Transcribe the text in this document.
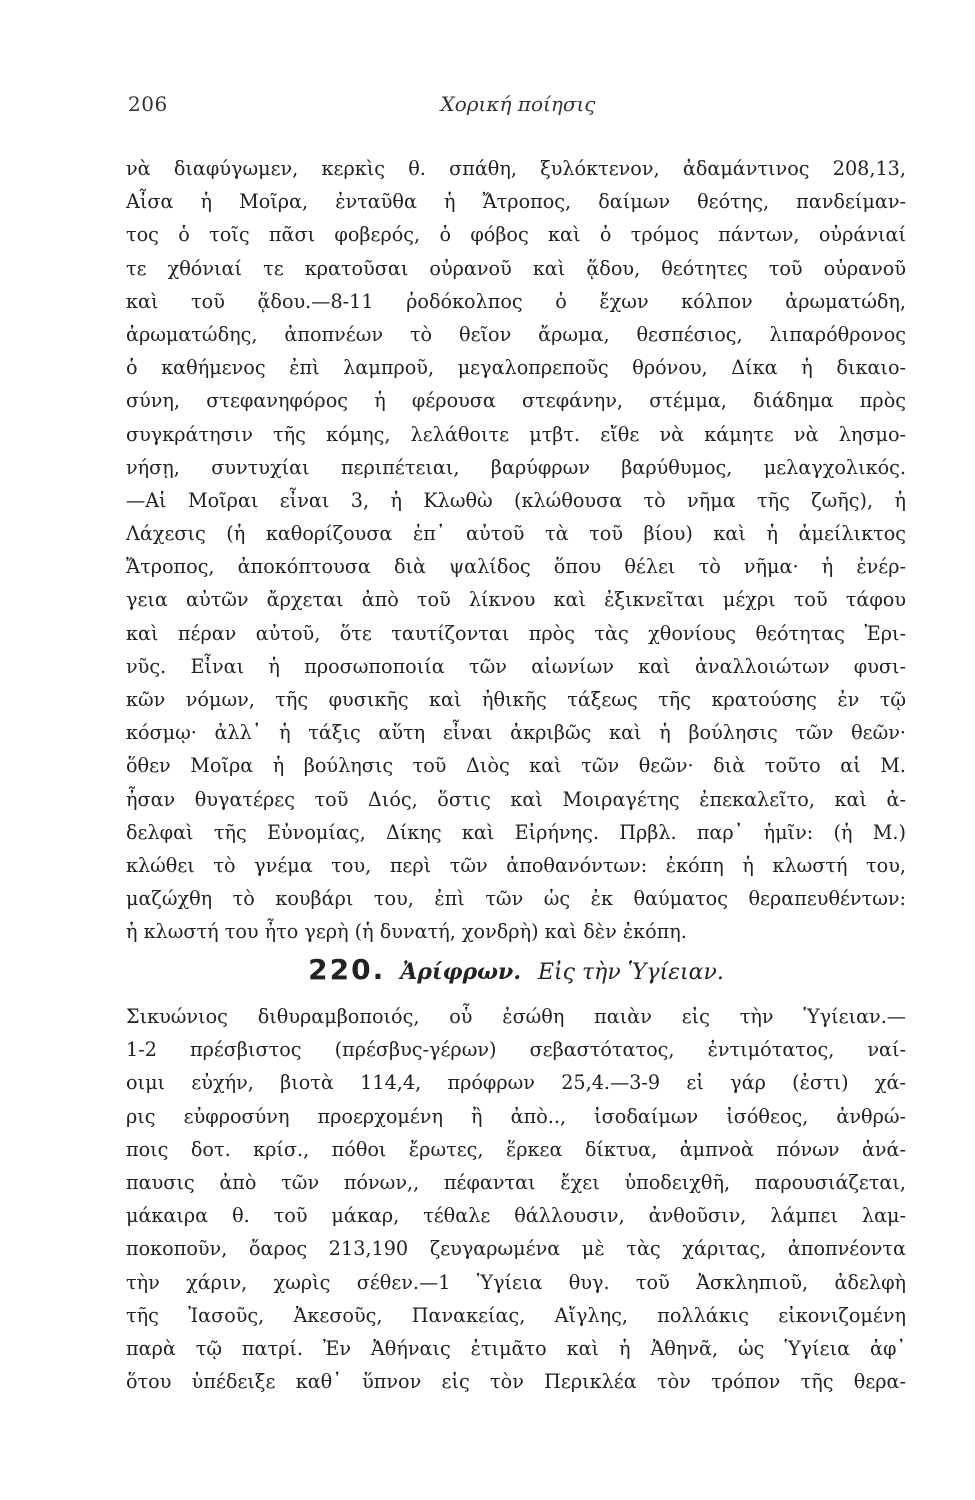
206	Χορική ποίησις
νὰ διαφύγωμεν, κερκὶς θ. σπάθη, ξυλόκτενον, ἀδαμάντινος 208,13,
Αἶσα ἡ Μοῖρα, ἐνταῦθα ἡ Ἄτροπος, δαίμων θεότης, πανδείμαν-
τος ὁ τοῖς πᾶσι φοβερός, ὁ φόβος καὶ ὁ τρόμος πάντων, οὐράνιαί
τε χθόνιαί τε κρατοῦσαι οὐρανοῦ καὶ ᾅδου, θεότητες τοῦ οὐρανοῦ
καὶ τοῦ ᾅδου.—8-11 ῥοδόκολπος ὁ ἔχων κόλπον ἀρωματώδη,
ἀρωματώδης, ἀποπνέων τὸ θεῖον ἄρωμα, θεσπέσιος, λιπαρόθρονος
ὁ καθήμενος ἐπὶ λαμπροῦ, μεγαλοπρεποῦς θρόνου, Δίκα ἡ δικαιο-
σύνη, στεφανηφόρος ἡ φέρουσα στεφάνην, στέμμα, διάδημα πρὸς
συγκράτησιν τῆς κόμης, λελάθοιτε μτβτ. εἴθε νὰ κάμητε νὰ λησμο-
νήσῃ, συντυχίαι περιπέτειαι, βαρύφρων βαρύθυμος, μελαγχολικός.
—Αἱ Μοῖραι εἶναι 3, ἡ Κλωθὼ (κλώθουσα τὸ νῆμα τῆς ζωῆς), ἡ
Λάχεσις (ἡ καθορίζουσα ἐπ᾽ αὐτοῦ τὰ τοῦ βίου) καὶ ἡ ἀμείλικτος
Ἄτροπος, ἀποκόπτουσα διὰ ψαλίδος ὅπου θέλει τὸ νῆμα· ἡ ἐνέρ-
γεια αὐτῶν ἄρχεται ἀπὸ τοῦ λίκνου καὶ ἐξικνεῖται μέχρι τοῦ τάφου
καὶ πέραν αὐτοῦ, ὅτε ταυτίζονται πρὸς τὰς χθονίους θεότητας Ἐρι-
νῦς. Εἶναι ἡ προσωποποιία τῶν αἰωνίων καὶ ἀναλλοιώτων φυσι-
κῶν νόμων, τῆς φυσικῆς καὶ ἠθικῆς τάξεως τῆς κρατούσης ἐν τῷ
κόσμῳ· ἀλλ᾽ ἡ τάξις αὕτη εἶναι ἀκριβῶς καὶ ἡ βούλησις τῶν θεῶν·
ὅθεν Μοῖρα ἡ βούλησις τοῦ Διὸς καὶ τῶν θεῶν· διὰ τοῦτο αἱ Μ.
ἦσαν θυγατέρες τοῦ Διός, ὅστις καὶ Μοιραγέτης ἐπεκαλεῖτο, καὶ ἀ-
δελφαὶ τῆς Εὐνομίας, Δίκης καὶ Εἰρήνης. Πρβλ. παρ᾽ ἡμῖν: (ἡ Μ.)
κλώθει τὸ γνέμα του, περὶ τῶν ἀποθανόντων: ἐκόπη ἡ κλωστή του,
μαζώχθη τὸ κουβάρι του, ἐπὶ τῶν ὡς ἐκ θαύματος θεραπευθέντων:
ἡ κλωστή του ἦτο γερὴ (ἡ δυνατή, χονδρὴ) καὶ δὲν ἐκόπη.
220. Ἀρίφρων. Εἰς τὴν Ὑγίειαν.
Σικυώνιος διθυραμβοποιός, οὗ ἐσώθη παιὰν εἰς τὴν Ὑγίειαν.—
1-2 πρέσβιστος (πρέσβυς-γέρων) σεβαστότατος, ἐντιμότατος, ναί-
οιμι εὐχήν, βιοτὰ 114,4, πρόφρων 25,4.—3-9 εἰ γάρ (ἐστι) χά-
ρις εὐφροσύνη προερχομένη ἢ ἀπὸ.., ἰσοδαίμων ἰσόθεος, ἀνθρώ-
ποις δοτ. κρίσ., πόθοι ἔρωτες, ἕρκεα δίκτυα, ἀμπνοὰ πόνων ἀνά-
παυσις ἀπὸ τῶν πόνων,, πέφανται ἔχει ὑποδειχθῆ, παρουσιάζεται,
μάκαιρα θ. τοῦ μάκαρ, τέθαλε θάλλουσιν, ἀνθοῦσιν, λάμπει λαμ-
ποκοποῦν, ὄαρος 213,190 ζευγαρωμένα μὲ τὰς χάριτας, ἀποπνέοντα
τὴν χάριν, χωρὶς σέθεν.—1 Ὑγίεια θυγ. τοῦ Ἀσκληπιοῦ, ἀδελφὴ
τῆς Ἰασοῦς, Ἀκεσοῦς, Πανακείας, Αἴγλης, πολλάκις εἰκονιζομένη
παρὰ τῷ πατρί. Ἐν Ἀθήναις ἐτιμᾶτο καὶ ἡ Ἀθηνᾶ, ὡς Ὑγίεια ἀφ᾽
ὅτου ὑπέδειξε καθ᾽ ὕπνον εἰς τὸν Περικλέα τὸν τρόπον τῆς θερα-
